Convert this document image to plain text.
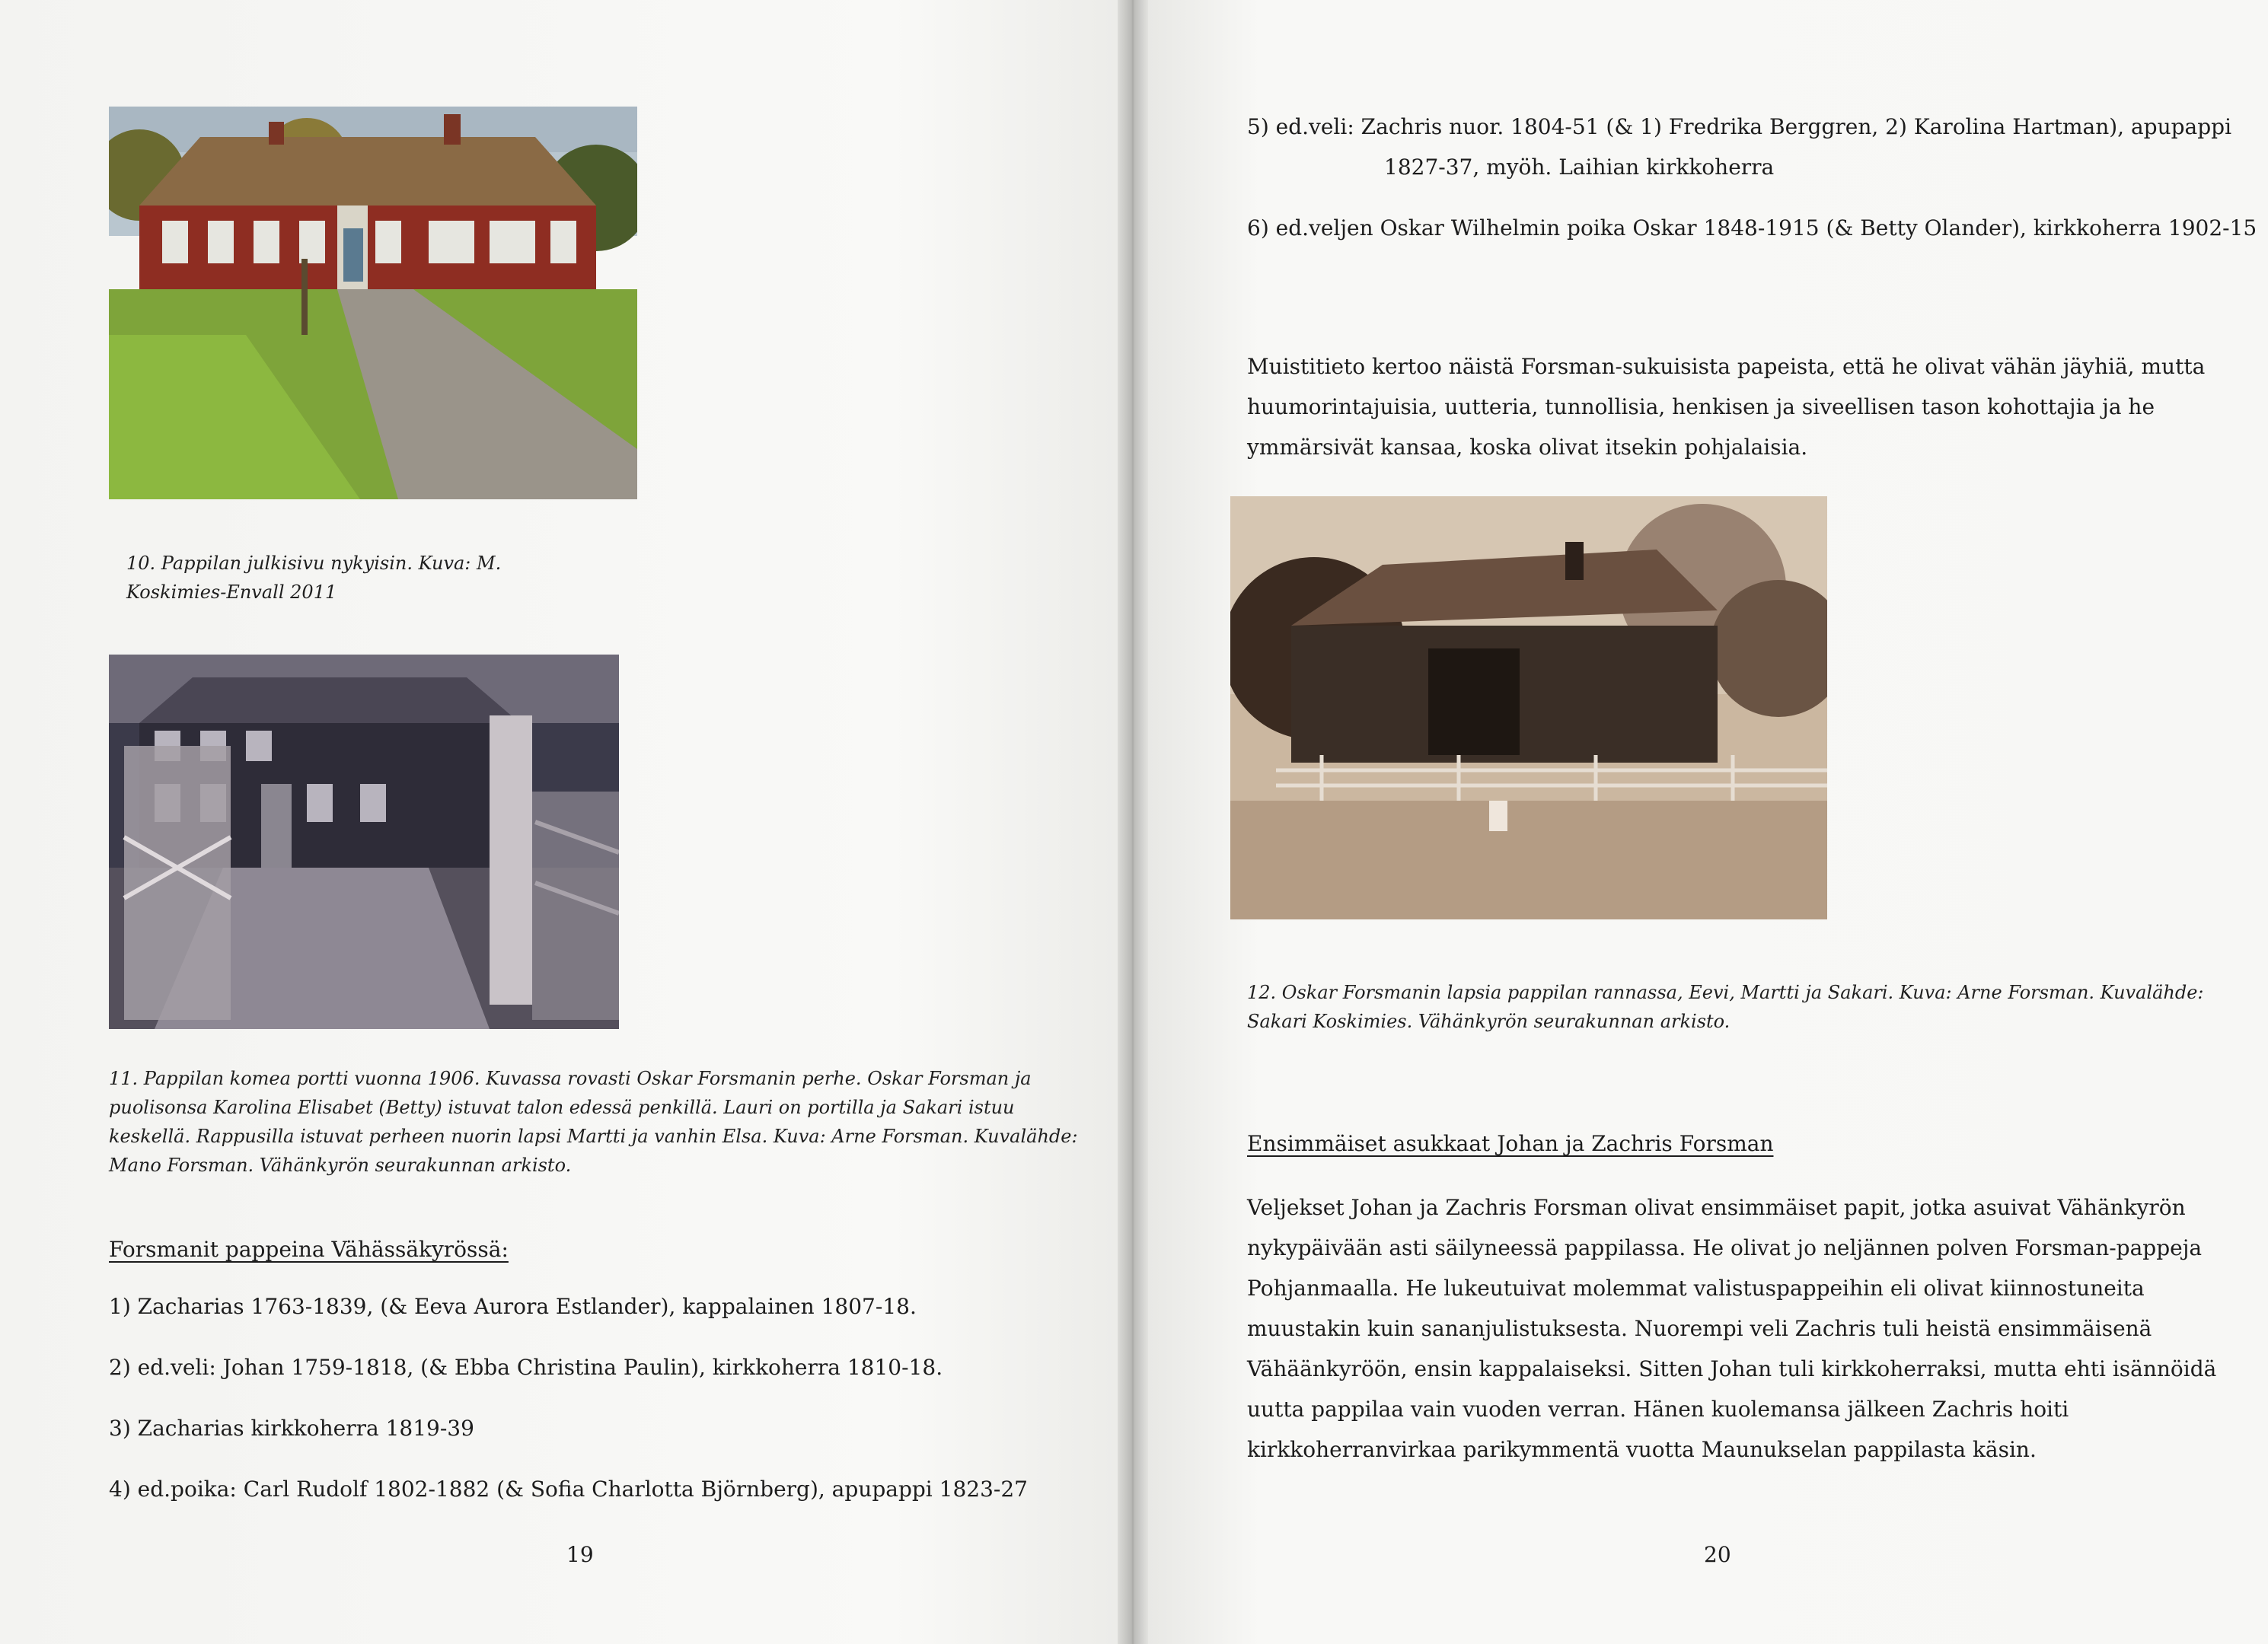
10. Pappilan julkisivu nykyisin. Kuva: M.
Koskimies-Envall 2011

11. Pappilan komea portti vuonna 1906. Kuvassa rovasti Oskar Forsmanin perhe. Oskar Forsman ja
puolisonsa Karolina Elisabet (Betty) istuvat talon edessä penkillä. Lauri on portilla ja Sakari istuu
keskellä. Rappusilla istuvat perheen nuorin lapsi Martti ja vanhin Elsa. Kuva: Arne Forsman. Kuvalähde:
Mano Forsman. Vähänkyrön seurakunnan arkisto.

Forsmanit pappeina Vähässäkyrössä:
1) Zacharias 1763-1839, (& Eeva Aurora Estlander), kappalainen 1807-18.
2) ed.veli: Johan 1759-1818, (& Ebba Christina Paulin), kirkkoherra 1810-18.
3) Zacharias kirkkoherra 1819-39
4) ed.poika: Carl Rudolf 1802-1882 (& Sofia Charlotta Björnberg), apupappi 1823-27
19
5) ed.veli: Zachris nuor. 1804-51 (& 1) Fredrika Berggren, 2) Karolina Hartman), apupappi
1827-37, myöh. Laihian kirkkoherra
6) ed.veljen Oskar Wilhelmin poika Oskar 1848-1915 (& Betty Olander), kirkkoherra 1902-15

Muistitieto kertoo näistä Forsman-sukuisista papeista, että he olivat vähän jäyhiä, mutta
huumorintajuisia, uutteria, tunnollisia, henkisen ja siveellisen tason kohottajia ja he
ymmärsivät kansaa, koska olivat itsekin pohjalaisia.

12. Oskar Forsmanin lapsia pappilan rannassa, Eevi, Martti ja Sakari. Kuva: Arne Forsman. Kuvalähde:
Sakari Koskimies. Vähänkyrön seurakunnan arkisto.

Ensimmäiset asukkaat Johan ja Zachris Forsman

Veljekset Johan ja Zachris Forsman olivat ensimmäiset papit, jotka asuivat Vähänkyrön
nykypäivään asti säilyneessä pappilassa. He olivat jo neljännen polven Forsman-pappeja
Pohjanmaalla. He lukeutuivat molemmat valistuspappeihin eli olivat kiinnostuneita
muustakin kuin sananjulistuksesta. Nuorempi veli Zachris tuli heistä ensimmäisenä
Vähäänkyröön, ensin kappalaiseksi. Sitten Johan tuli kirkkoherraksi, mutta ehti isännöidä
uutta pappilaa vain vuoden verran. Hänen kuolemansa jälkeen Zachris hoiti
kirkkoherranvirkaa parikymmentä vuotta Maunukselan pappilasta käsin.

20
